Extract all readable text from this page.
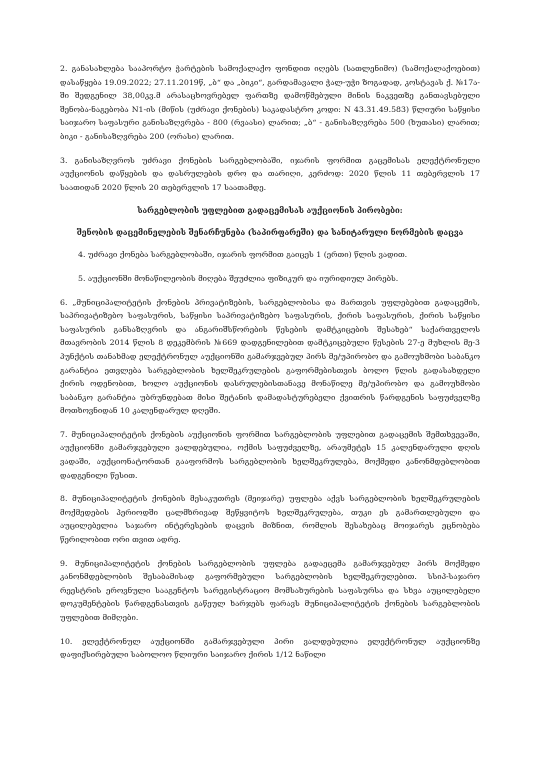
2. განასახლება სააპორტო ჭარტების სამოქალაქო ფონდით იღებს (სათლენიმო) (სამოქალაქოებით) დასაწყება 19.09.2022; 27.11.2019წ, „ბ“ და „ბიკი“, გარდამავალი ჭალ-უჭი ზოგადად, კოსტავას ქ. №17ა-ში შედგენილ 38,00კვ.მ არასაცხოვრებელ ფართზე დამოწმებული მინის ნაკვეთზე განთავსებული შენობა-ნაგებობა N1-ის (მიწის (უძრავი ქონების) საკადასტრო კოდი: N 43.31.49.583) წლიური საწყისი საიჯარო საფასური განისაზღვრება - 800 (რვაასი) ლარით; „ბ“ - განისაზღვრება 500 (ხუთასი) ლარით; ბიკი - განისაზღვრება 200 (ორასი) ლარით.

3. განისაზღვროს უძრავი ქონების სარგებლობაში, იჯარის ფორმით გაცემისას ელექტრონული აუქციონის დაწყების და დასრულების დრო და თარიღი, კერძოდ: 2020 წლის 11 თებერვლის 17 საათიდან 2020 წლის 20 თებერვლის 17 საათამდე.

სარგებლობის უფლებით გადაცემისას აუქციონის პირობები:

შენობის დაცემინელების შენარჩუნება (საპირფარეში) და სანიტარული ნორმების დაცვა

4. უძრავი ქონება სარგებლობაში, იჯარის ფორმით გაიცეს 1 (ერთი) წლის ვადით.

5. აუქციონში მონაწილეობის მიღება შეუძლია ფიზიკურ და იურიდიულ პირებს.

6. „მუნიციპალიტეტის ქონების პრივატიზების, სარგებლობისა და მართვის უფლებებით გადაცემის, საპრივატიზებო საფასურის, საწყისი საპრივატიზებო საფასურის, ქირის საფასურის, ქირის საწყისი საფასურის განსაზღვრის და ანგარიშსწორების წესების დამტკიცების შესახებ“ საქართველოს მთავრობის 2014 წლის 8 დეკემბრის №669 დადგენილებით დამტკიცებული წესების 27-ე მუხლის მე-3 პუნქტის თანახმად ელექტრონულ აუქციონში გამარჯვებულ პირს მე/უპირობო და გამოუხმობი საბანკო გარანტია ეთვლება სარგებლობის ხელშეკრულების გაფორმებისთვის ბოლო წლის გადასახდელი ქირის ოდენობით, ხოლო აუქციონის დასრულებისთანავე მონაწილე მე/უპირობო და გამოუხმობი საბანკო გარანტია უბრუნდებათ მისი შეტანის დამადასტურებელი ქვითრის წარდგენის საფუძველზე მოთხოვნიდან 10 კალენდარულ დღეში.

7. მუნიციპალიტეტის ქონების აუქციონის ფორმით სარგებლობის უფლებით გადაცემის შემთხვევაში, აუქციონში გამარჯვებული ვალდებულია, ოქმის საფუძველზე, არაუმეტეს 15 კალენდარული დღის ვადაში, აუქციონატორთან გააფორმოს სარგებლობის ხელშეკრულება, მოქმედი კანონმდებლობით დადგენილი წესით.

8. მუნიციპალიტეტის ქონების მესაკუთრეს (მეიჯარე) უფლება აქვს სარგებლობის ხელშეკრულების მოქმედების პერიოდში ცალმხრივად შეწყვიტოს ხელშეკრულება, თუკი ეს გამართლებული და აუცილებელია საჯარო ინტერესების დაცვის მიზნით, რომლის შესახებაც მოიჯარეს ეცნობება წერილობით ორი თვით ადრე.

9. მუნიციპალიტეტის ქონების სარგებლობის უფლება გადაეცემა გამარჯვებულ პირს მოქმედი კანონმდებლობის შესაბამისად გაფორმებული სარგებლობის ხელშეკრულებით. სსიპ-საჯარო რეესტრის ეროვნული სააგენტოს სარეგისტრაციო მომსახურების საფასურსა და სხვა აუცილებელი დოკუმენტების წარდგენასთვის გაწეულ ხარჯებს ფარავს მუნიციპალიტეტის ქონების სარგებლობის უფლებით მიმღები.

10. ელექტრონულ აუქციონში გამარჯვებული პირი ვალდებულია ელექტრონულ აუქციონზე დაფიქსირებული საბოლოო წლიური საიჯარო ქირის 1/12 ნაწილი
